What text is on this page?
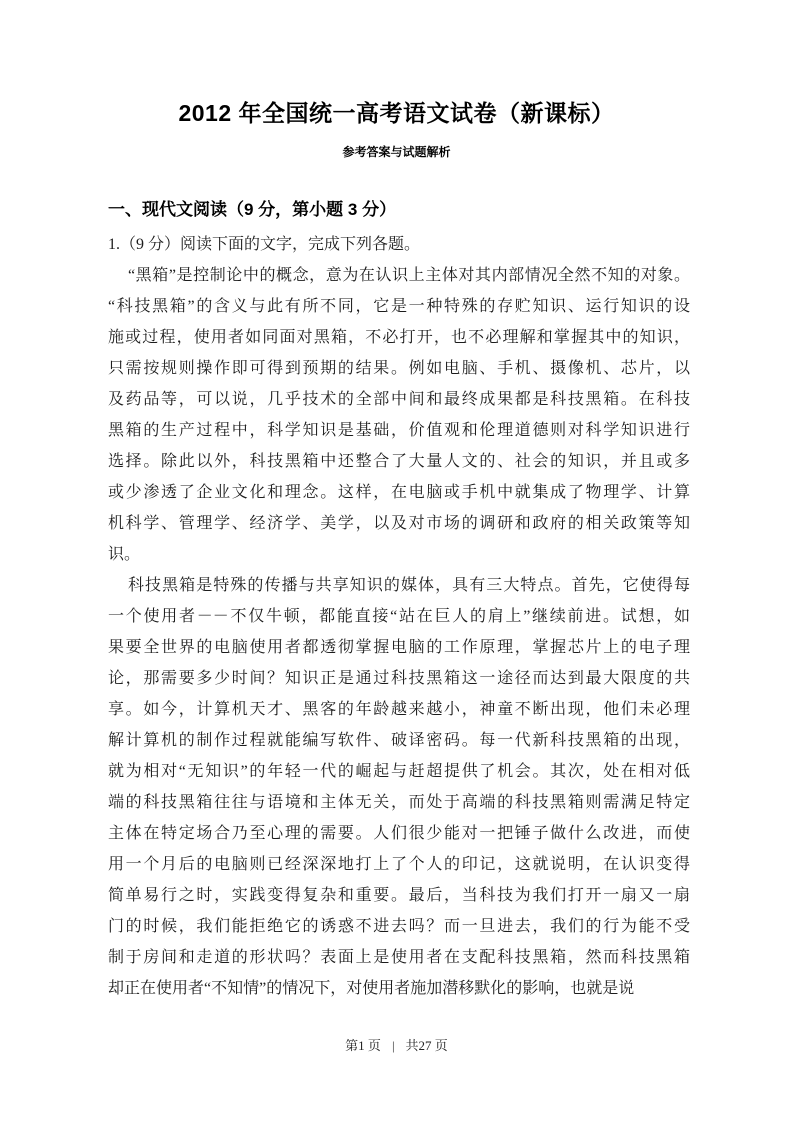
2012 年全国统一高考语文试卷（新课标）
参考答案与试题解析
一、现代文阅读（9 分，第小题 3 分）
1.（9 分）阅读下面的文字，完成下列各题。
“黑箱”是控制论中的概念，意为在认识上主体对其内部情况全然不知的对象。
“科技黑箱”的含义与此有所不同，它是一种特殊的存贮知识、运行知识的设
施或过程，使用者如同面对黑箱，不必打开，也不必理解和掌握其中的知识，
只需按规则操作即可得到预期的结果。例如电脑、手机、摄像机、芯片，以
及药品等，可以说，几乎技术的全部中间和最终成果都是科技黑箱。在科技
黑箱的生产过程中，科学知识是基础，价值观和伦理道德则对科学知识进行
选择。除此以外，科技黑箱中还整合了大量人文的、社会的知识，并且或多
或少渗透了企业文化和理念。这样，在电脑或手机中就集成了物理学、计算
机科学、管理学、经济学、美学，以及对市场的调研和政府的相关政策等知
识。
科技黑箱是特殊的传播与共享知识的媒体，具有三大特点。首先，它使得每
一个使用者－－不仅牛顿，都能直接“站在巨人的肩上”继续前进。试想，如
果要全世界的电脑使用者都透彻掌握电脑的工作原理，掌握芯片上的电子理
论，那需要多少时间？知识正是通过科技黑箱这一途径而达到最大限度的共
享。如今，计算机天才、黑客的年龄越来越小，神童不断出现，他们未必理
解计算机的制作过程就能编写软件、破译密码。每一代新科技黑箱的出现，
就为相对“无知识”的年轻一代的崛起与赶超提供了机会。其次，处在相对低
端的科技黑箱往往与语境和主体无关，而处于高端的科技黑箱则需满足特定
主体在特定场合乃至心理的需要。人们很少能对一把锤子做什么改进，而使
用一个月后的电脑则已经深深地打上了个人的印记，这就说明，在认识变得
简单易行之时，实践变得复杂和重要。最后，当科技为我们打开一扇又一扇
门的时候，我们能拒绝它的诱惑不进去吗？而一旦进去，我们的行为能不受
制于房间和走道的形状吗？表面上是使用者在支配科技黑箱，然而科技黑箱
却正在使用者“不知情”的情况下，对使用者施加潜移默化的影响，也就是说
第1 页 | 共27 页
